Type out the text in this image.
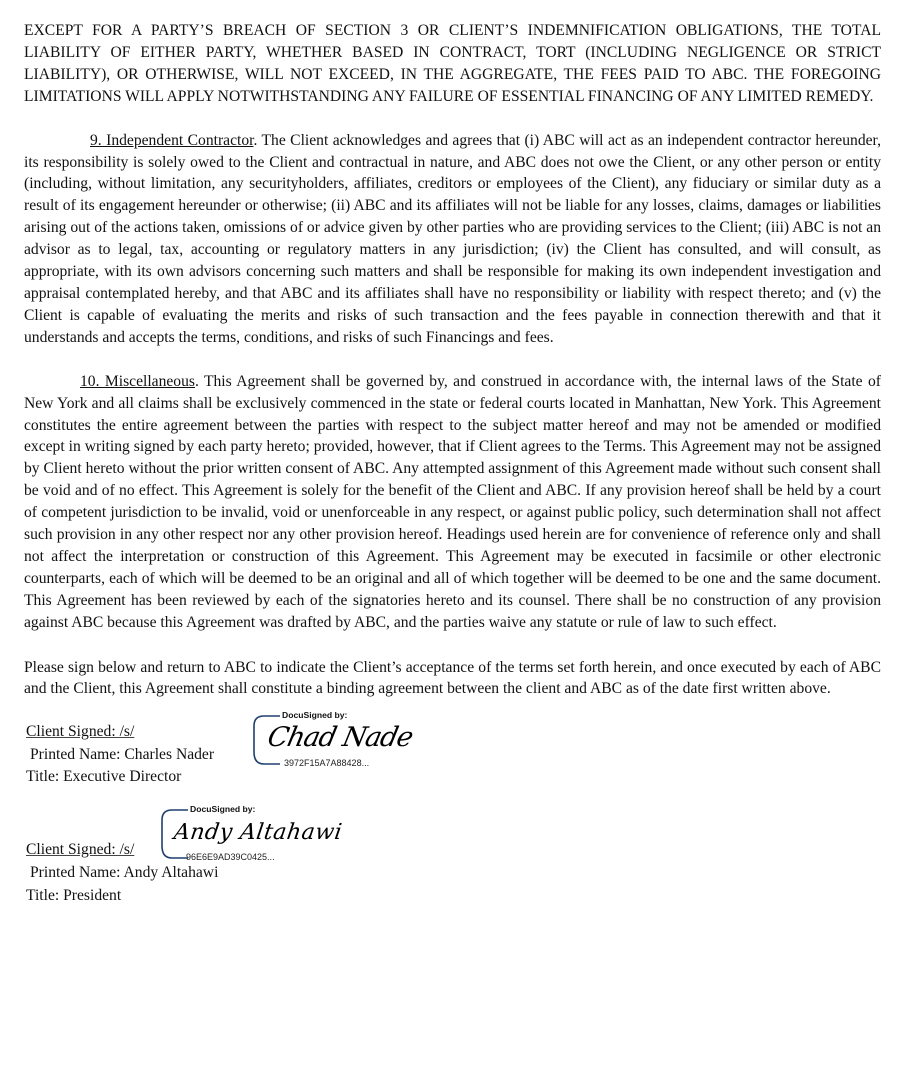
EXCEPT FOR A PARTY’S BREACH OF SECTION 3 OR CLIENT’S INDEMNIFICATION OBLIGATIONS, THE TOTAL LIABILITY OF EITHER PARTY, WHETHER BASED IN CONTRACT, TORT (INCLUDING NEGLIGENCE OR STRICT LIABILITY), OR OTHERWISE, WILL NOT EXCEED, IN THE AGGREGATE, THE FEES PAID TO ABC. THE FOREGOING LIMITATIONS WILL APPLY NOTWITHSTANDING ANY FAILURE OF ESSENTIAL FINANCING OF ANY LIMITED REMEDY.

9. Independent Contractor. The Client acknowledges and agrees that (i) ABC will act as an independent contractor hereunder, its responsibility is solely owed to the Client and contractual in nature, and ABC does not owe the Client, or any other person or entity (including, without limitation, any securityholders, affiliates, creditors or employees of the Client), any fiduciary or similar duty as a result of its engagement hereunder or otherwise; (ii) ABC and its affiliates will not be liable for any losses, claims, damages or liabilities arising out of the actions taken, omissions of or advice given by other parties who are providing services to the Client; (iii) ABC is not an advisor as to legal, tax, accounting or regulatory matters in any jurisdiction; (iv) the Client has consulted, and will consult, as appropriate, with its own advisors concerning such matters and shall be responsible for making its own independent investigation and appraisal contemplated hereby, and that ABC and its affiliates shall have no responsibility or liability with respect thereto; and (v) the Client is capable of evaluating the merits and risks of such transaction and the fees payable in connection therewith and that it understands and accepts the terms, conditions, and risks of such Financings and fees.

10. Miscellaneous. This Agreement shall be governed by, and construed in accordance with, the internal laws of the State of New York and all claims shall be exclusively commenced in the state or federal courts located in Manhattan, New York. This Agreement constitutes the entire agreement between the parties with respect to the subject matter hereof and may not be amended or modified except in writing signed by each party hereto; provided, however, that if Client agrees to the Terms. This Agreement may not be assigned by Client hereto without the prior written consent of ABC. Any attempted assignment of this Agreement made without such consent shall be void and of no effect. This Agreement is solely for the benefit of the Client and ABC. If any provision hereof shall be held by a court of competent jurisdiction to be invalid, void or unenforceable in any respect, or against public policy, such determination shall not affect such provision in any other respect nor any other provision hereof. Headings used herein are for convenience of reference only and shall not affect the interpretation or construction of this Agreement. This Agreement may be executed in facsimile or other electronic counterparts, each of which will be deemed to be an original and all of which together will be deemed to be one and the same document. This Agreement has been reviewed by each of the signatories hereto and its counsel. There shall be no construction of any provision against ABC because this Agreement was drafted by ABC, and the parties waive any statute or rule of law to such effect.

Please sign below and return to ABC to indicate the Client’s acceptance of the terms set forth herein, and once executed by each of ABC and the Client, this Agreement shall constitute a binding agreement between the client and ABC as of the date first written above.

Client Signed: /s/
Printed Name: Charles Nader
Title: Executive Director
DocuSigned by:
Chad Nade
3972F15A7A88428...
Client Signed: /s/
Printed Name: Andy Altahawi
Title: President
DocuSigned by:
Andy Altahawi
96E6E9AD39C0425...
